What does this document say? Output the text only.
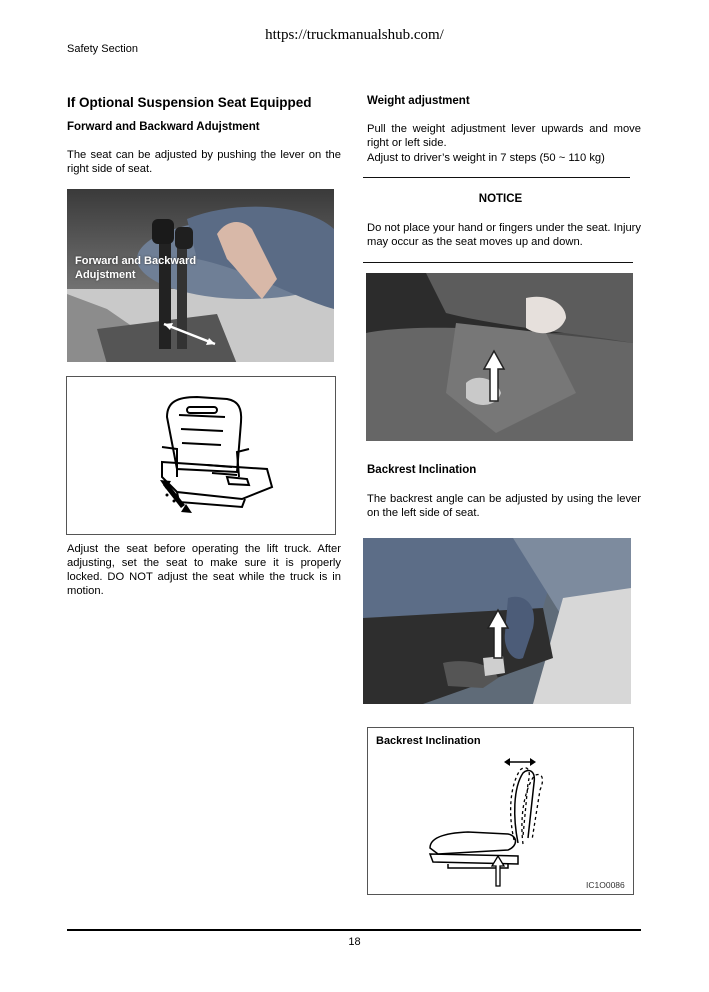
https://truckmanualshub.com/
Safety Section
If Optional Suspension Seat Equipped
Forward and Backward Adujstment
The seat can be adjusted by pushing the lever on the right side of seat.
Forward and Backward Adujstment
Adjust the seat before operating the lift truck. After adjusting, set the seat to make sure it is properly locked. DO NOT adjust the seat while the truck is in motion.
Weight adjustment
Pull the weight adjustment lever upwards and move right or left side.
Adjust to driver’s weight in 7 steps (50 ~ 110 kg)
NOTICE
Do not place your hand or fingers under the seat. Injury may occur as the seat moves up and down.
Backrest Inclination
The backrest angle can be adjusted by using the lever on the left side of seat.
Backrest Inclination
IC1O0086
18
